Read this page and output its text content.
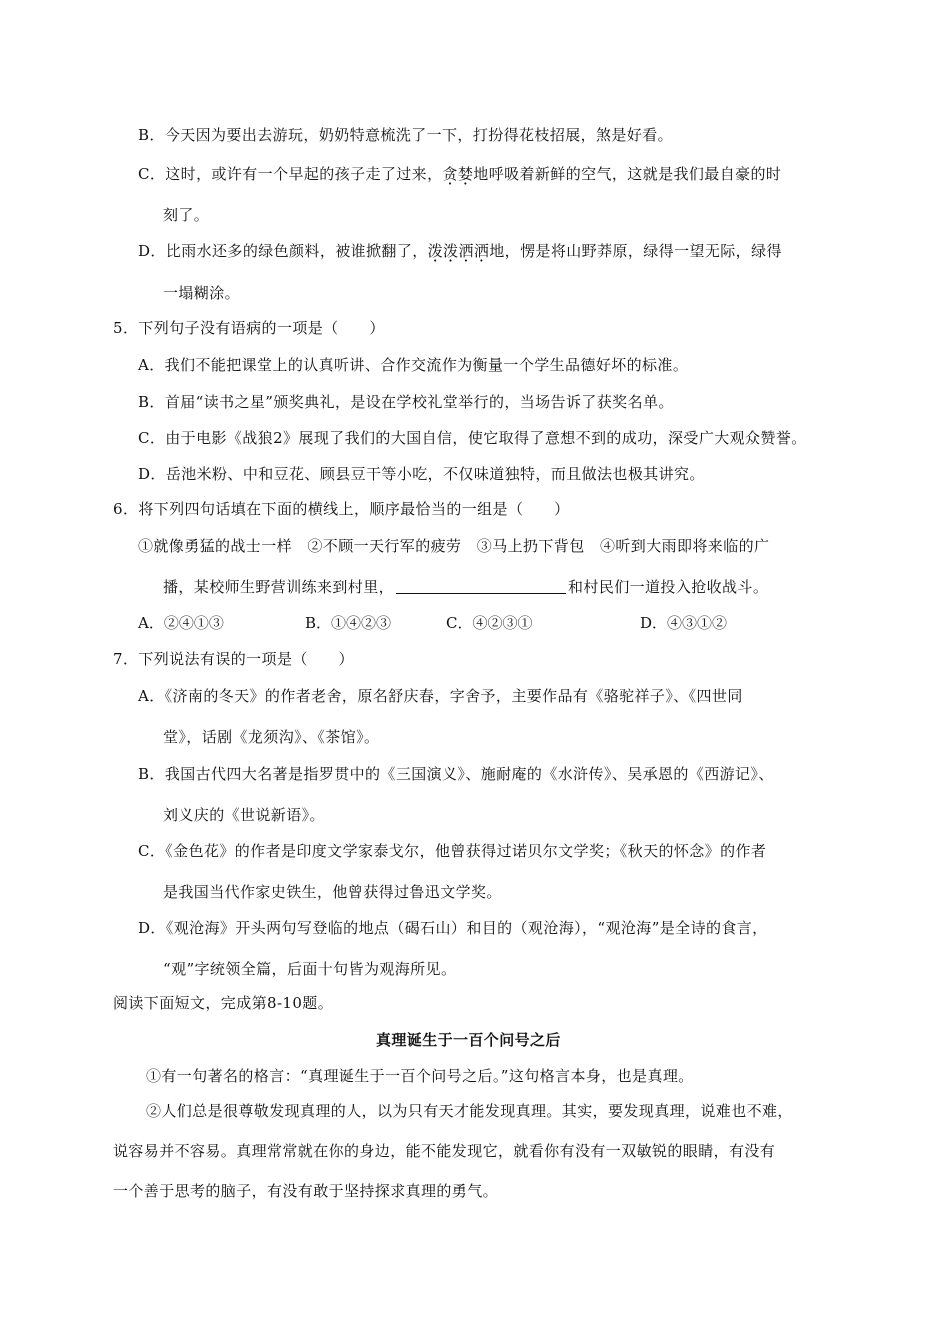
B．今天因为要出去游玩，奶奶特意梳洗了一下，打扮得花枝招展，煞是好看。
C．这时，或许有一个早起的孩子走了过来，贪婪地呼吸着新鲜的空气，这就是我们最自豪的时
刻了。
D．比雨水还多的绿色颜料，被谁掀翻了，泼泼洒洒地，愣是将山野莽原，绿得一望无际，绿得
一塌糊涂。
5．下列句子没有语病的一项是（　　）
A．我们不能把课堂上的认真听讲、合作交流作为衡量一个学生品德好坏的标准。
B．首届“读书之星”颁奖典礼，是设在学校礼堂举行的，当场告诉了获奖名单。
C．由于电影《战狼2》展现了我们的大国自信，使它取得了意想不到的成功，深受广大观众赞誉。
D．岳池米粉、中和豆花、顾县豆干等小吃，不仅味道独特，而且做法也极其讲究。
6．将下列四句话填在下面的横线上，顺序最恰当的一组是（　　）
①就像勇猛的战士一样　②不顾一天行军的疲劳　③马上扔下背包　④听到大雨即将来临的广
播，某校师生野营训练来到村里，	和村民们一道投入抢收战斗。
A．②④①③	B．①④②③	C．④②③①	D．④③①②
7．下列说法有误的一项是（　　）
A．《济南的冬天》的作者老舍，原名舒庆春，字舍予，主要作品有《骆驼祥子》、《四世同
堂》，话剧《龙须沟》、《茶馆》。
B．我国古代四大名著是指罗贯中的《三国演义》、施耐庵的《水浒传》、吴承恩的《西游记》、
刘义庆的《世说新语》。
C．《金色花》的作者是印度文学家泰戈尔，他曾获得过诺贝尔文学奖；《秋天的怀念》的作者
是我国当代作家史铁生，他曾获得过鲁迅文学奖。
D．《观沧海》开头两句写登临的地点（碣石山）和目的（观沧海），“观沧海”是全诗的食言，
“观”字统领全篇，后面十句皆为观海所见。
阅读下面短文，完成第8-10题。
真理诞生于一百个问号之后
①有一句著名的格言：“真理诞生于一百个问号之后。”这句格言本身，也是真理。
②人们总是很尊敬发现真理的人，以为只有天才能发现真理。其实，要发现真理，说难也不难，
说容易并不容易。真理常常就在你的身边，能不能发现它，就看你有没有一双敏锐的眼睛，有没有
一个善于思考的脑子，有没有敢于坚持探求真理的勇气。
